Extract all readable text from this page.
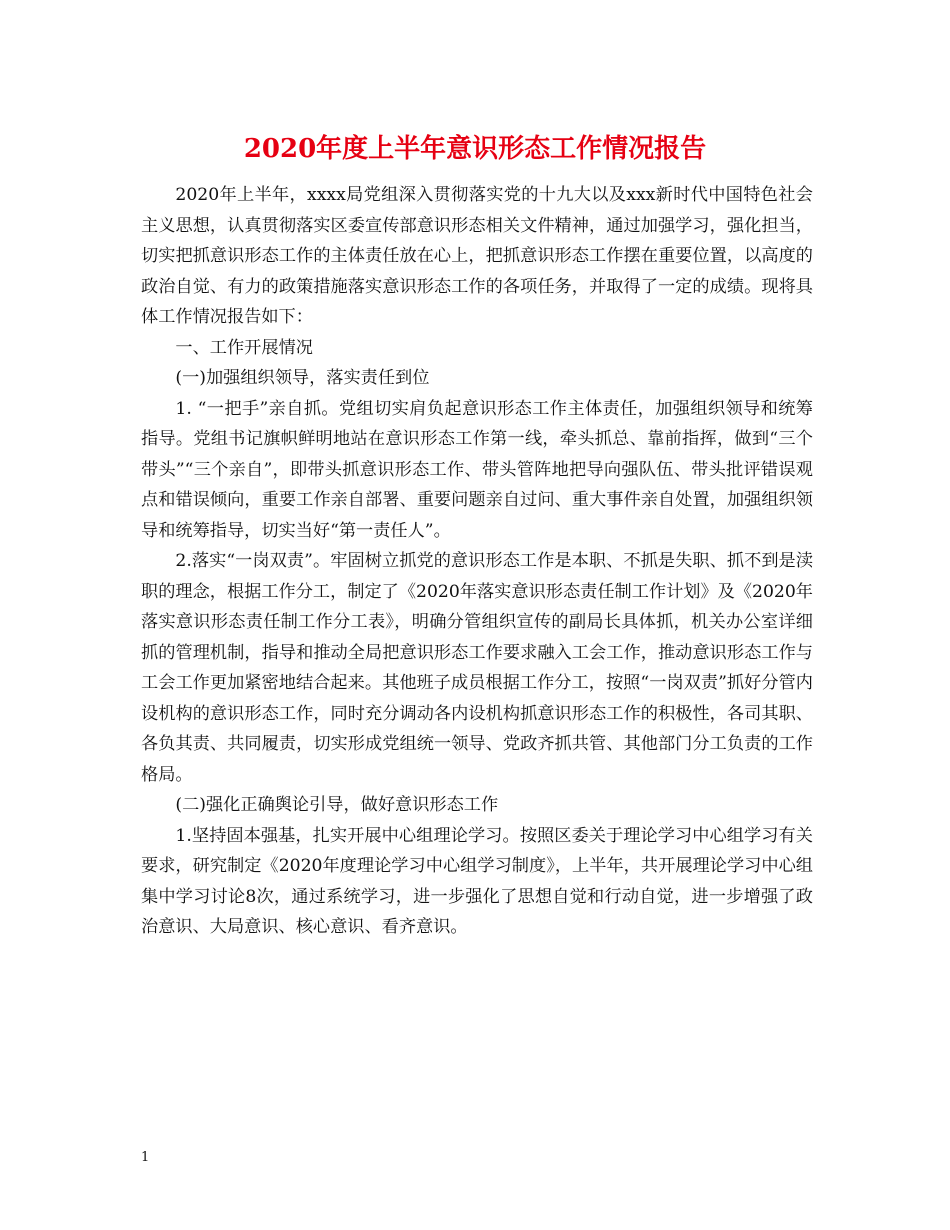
2020年度上半年意识形态工作情况报告

2020年上半年，xxxx局党组深入贯彻落实党的十九大以及xxx新时代中国特色社会主义思想，认真贯彻落实区委宣传部意识形态相关文件精神，通过加强学习，强化担当，切实把抓意识形态工作的主体责任放在心上，把抓意识形态工作摆在重要位置，以高度的政治自觉、有力的政策措施落实意识形态工作的各项任务，并取得了一定的成绩。现将具体工作情况报告如下：

一、工作开展情况

(一)加强组织领导，落实责任到位

1. “一把手”亲自抓。党组切实肩负起意识形态工作主体责任，加强组织领导和统筹指导。党组书记旗帜鲜明地站在意识形态工作第一线，牵头抓总、靠前指挥，做到“三个带头”“三个亲自”，即带头抓意识形态工作、带头管阵地把导向强队伍、带头批评错误观点和错误倾向，重要工作亲自部署、重要问题亲自过问、重大事件亲自处置，加强组织领导和统筹指导，切实当好“第一责任人”。

2.落实“一岗双责”。牢固树立抓党的意识形态工作是本职、不抓是失职、抓不到是渎职的理念，根据工作分工，制定了《2020年落实意识形态责任制工作计划》及《2020年落实意识形态责任制工作分工表》，明确分管组织宣传的副局长具体抓，机关办公室详细抓的管理机制，指导和推动全局把意识形态工作要求融入工会工作，推动意识形态工作与工会工作更加紧密地结合起来。其他班子成员根据工作分工，按照“一岗双责”抓好分管内设机构的意识形态工作，同时充分调动各内设机构抓意识形态工作的积极性，各司其职、各负其责、共同履责，切实形成党组统一领导、党政齐抓共管、其他部门分工负责的工作格局。

(二)强化正确舆论引导，做好意识形态工作

1.坚持固本强基，扎实开展中心组理论学习。按照区委关于理论学习中心组学习有关要求，研究制定《2020年度理论学习中心组学习制度》，上半年，共开展理论学习中心组集中学习讨论8次，通过系统学习，进一步强化了思想自觉和行动自觉，进一步增强了政治意识、大局意识、核心意识、看齐意识。

1
